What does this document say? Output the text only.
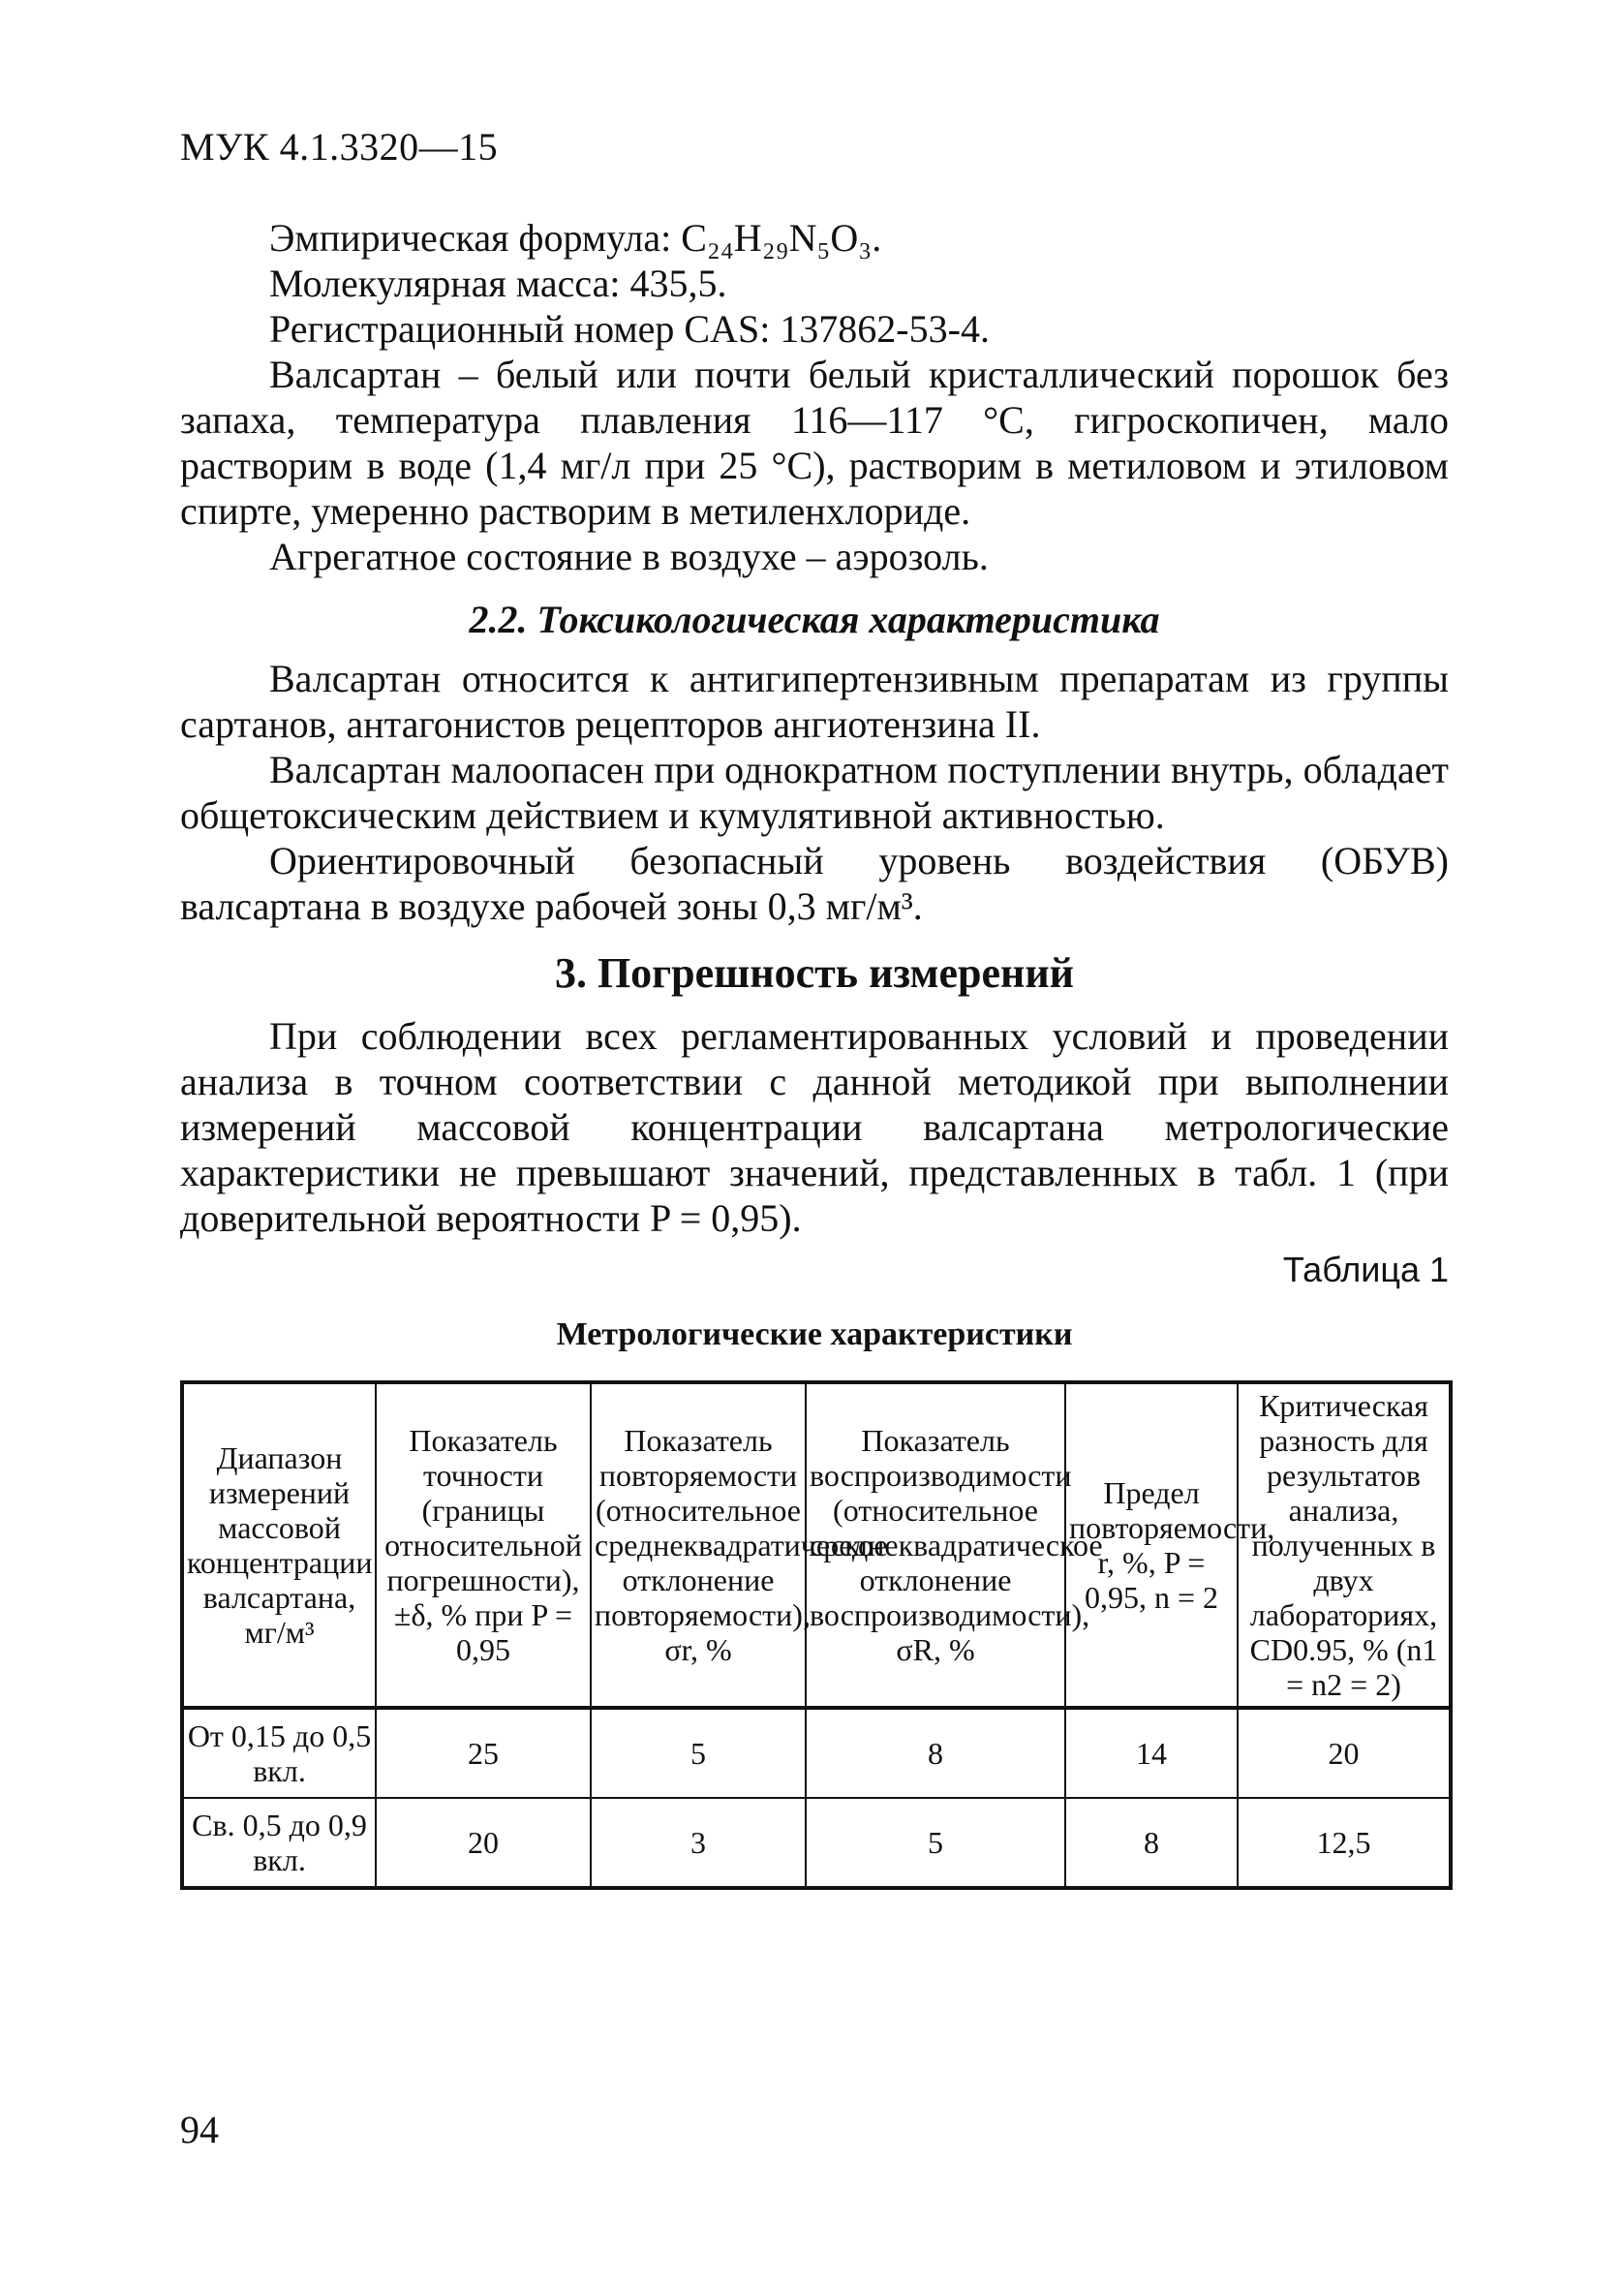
МУК 4.1.3320—15

Эмпирическая формула: C₂₄H₂₉N₅O₃.

Молекулярная масса: 435,5.

Регистрационный номер CAS: 137862-53-4.

Валсартан – белый или почти белый кристаллический порошок без запаха, температура плавления 116—117 °С, гигроскопичен, мало растворим в воде (1,4 мг/л при 25 °С), растворим в метиловом и этиловом спирте, умеренно растворим в метиленхлориде.

Агрегатное состояние в воздухе – аэрозоль.

2.2. Токсикологическая характеристика

Валсартан относится к антигипертензивным препаратам из группы сартанов, антагонистов рецепторов ангиотензина II.

Валсартан малоопасен при однократном поступлении внутрь, обладает общетоксическим действием и кумулятивной активностью.

Ориентировочный безопасный уровень воздействия (ОБУВ) валсартана в воздухе рабочей зоны 0,3 мг/м³.

3. Погрешность измерений

При соблюдении всех регламентированных условий и проведении анализа в точном соответствии с данной методикой при выполнении измерений массовой концентрации валсартана метрологические характеристики не превышают значений, представленных в табл. 1 (при доверительной вероятности P = 0,95).

Таблица 1
Метрологические характеристики
Диапазон измерений массовой концентрации валсартана, мг/м³	Показатель точности (границы относительной погрешности), ±δ, % при P = 0,95	Показатель повторяемости (относительное среднеквадратическое отклонение повторяемости), σr, %	Показатель воспроизводимости (относительное среднеквадратическое отклонение воспроизводимости), σR, %	Предел повторяемости, r, %, P = 0,95, n = 2	Критическая разность для результатов анализа, полученных в двух лабораториях, CD0.95, % (n1 = n2 = 2)
От 0,15 до 0,5 вкл.	25	5	8	14	20
Св. 0,5 до 0,9 вкл.	20	3	5	8	12,5
94
